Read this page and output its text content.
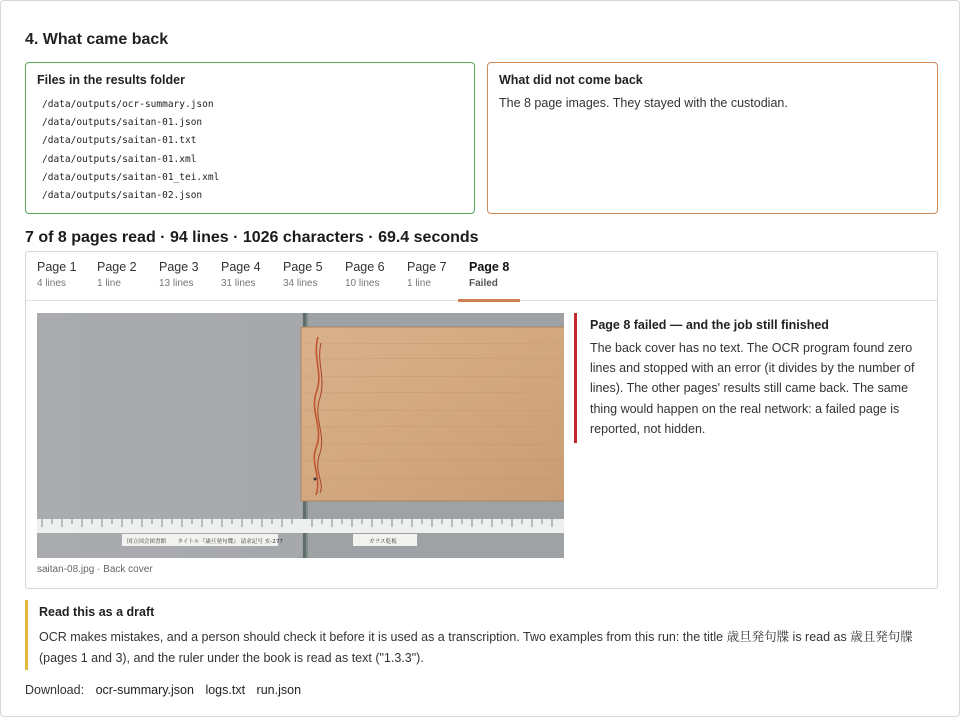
4. What came back
Files in the results folder
/data/outputs/ocr-summary.json
/data/outputs/saitan-01.json
/data/outputs/saitan-01.txt
/data/outputs/saitan-01.xml
/data/outputs/saitan-01_tei.xml
/data/outputs/saitan-02.json
What did not come back
The 8 page images. They stayed with the custodian.
7 of 8 pages read · 94 lines · 1026 characters · 69.4 seconds
Page 1
4 lines
Page 2
1 line
Page 3
13 lines
Page 4
31 lines
Page 5
34 lines
Page 6
10 lines
Page 7
1 line
Page 8
Failed
国立国会図書館　　タイトル『歳旦発句牒』 請求記号 亥-277	ガラス乾板
saitan-08.jpg · Back cover
Page 8 failed — and the job still finished
The back cover has no text. The OCR program found zero lines and stopped with an error (it divides by the number of lines). The other pages' results still came back. The same thing would happen on the real network: a failed page is reported, not hidden.
Read this as a draft
OCR makes mistakes, and a person should check it before it is used as a transcription. Two examples from this run: the title 歳旦発句牒 is read as 歳且発句牒 (pages 1 and 3), and the ruler under the book is read as text ("1.3.3").
Download: ocr-summary.json logs.txt run.json
